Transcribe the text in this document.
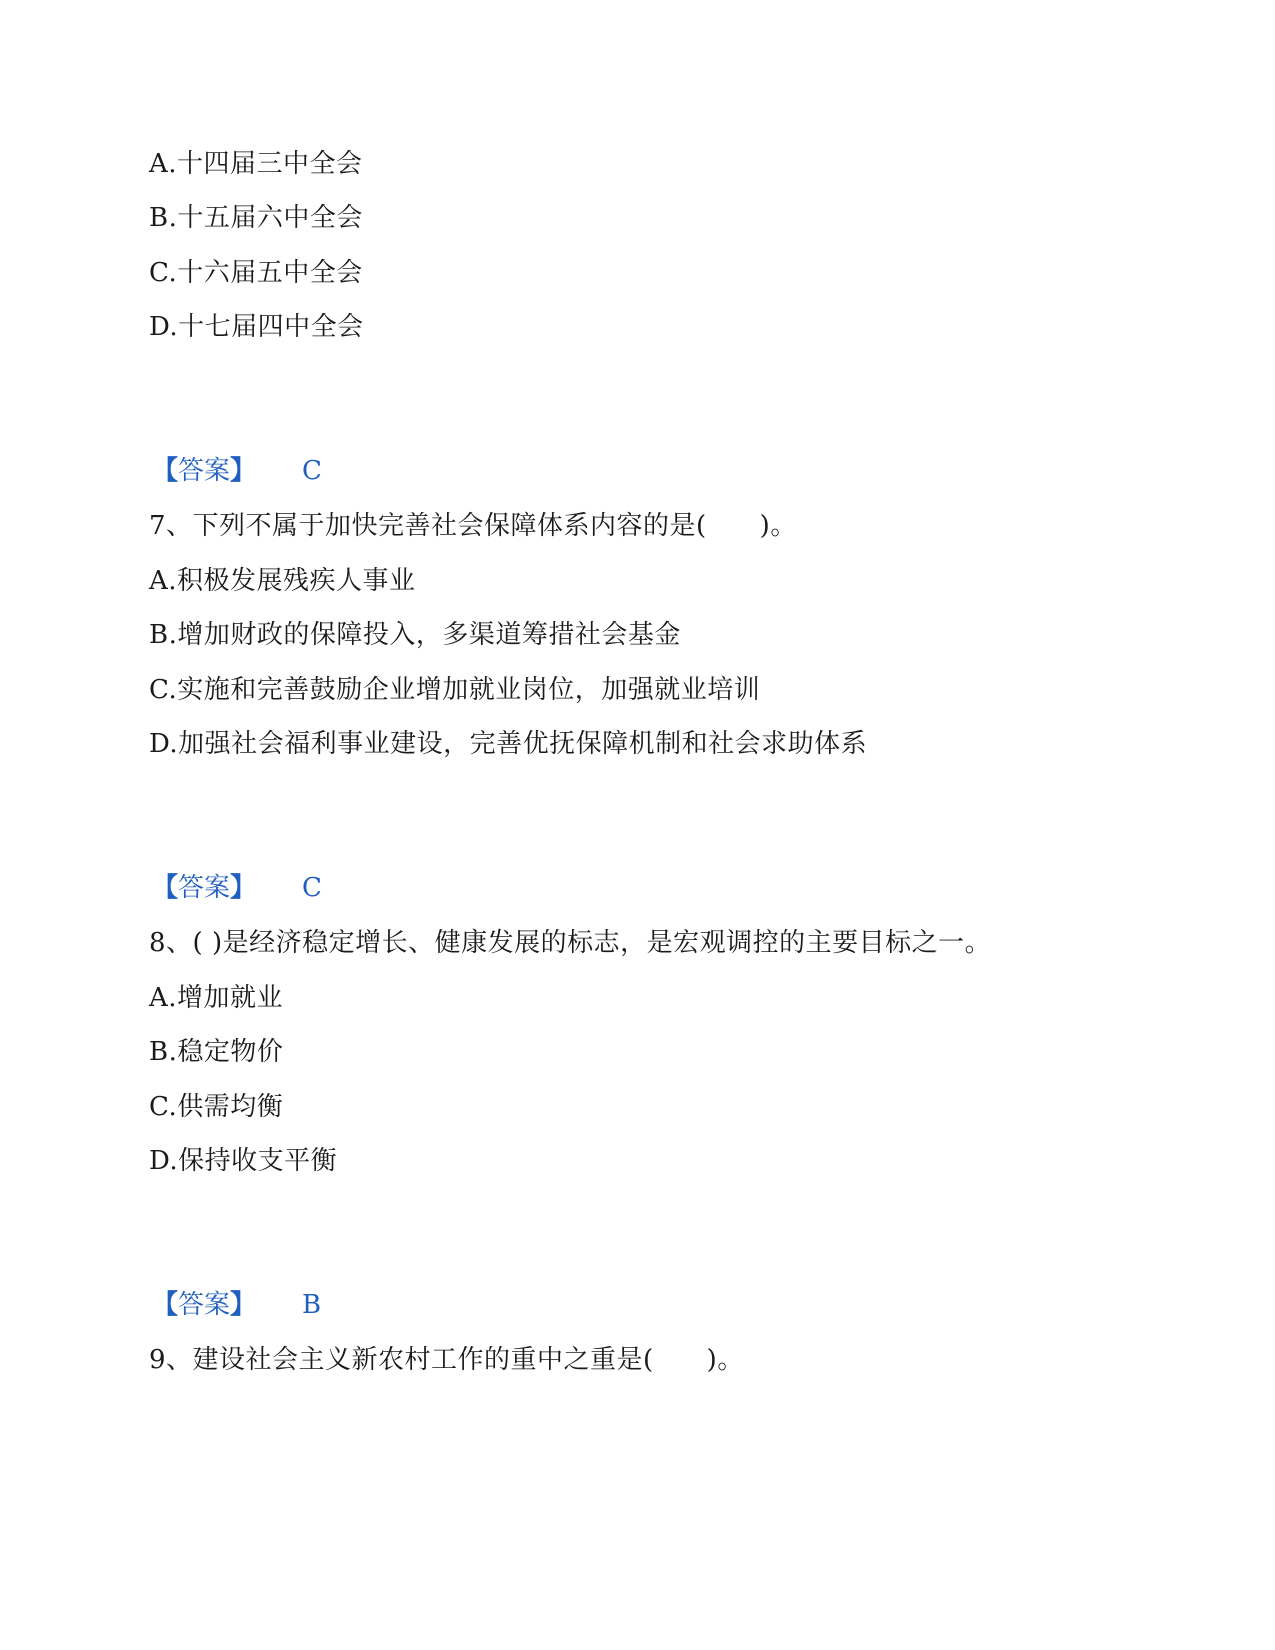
A.十四届三中全会
B.十五届六中全会
C.十六届五中全会
D.十七届四中全会
【答案】 C
7、下列不属于加快完善社会保障体系内容的是(　　)。
A.积极发展残疾人事业
B.增加财政的保障投入，多渠道筹措社会基金
C.实施和完善鼓励企业增加就业岗位，加强就业培训
D.加强社会福利事业建设，完善优抚保障机制和社会求助体系
【答案】 C
8、( )是经济稳定增长、健康发展的标志，是宏观调控的主要目标之一。
A.增加就业
B.稳定物价
C.供需均衡
D.保持收支平衡
【答案】 B
9、建设社会主义新农村工作的重中之重是(　　)。
